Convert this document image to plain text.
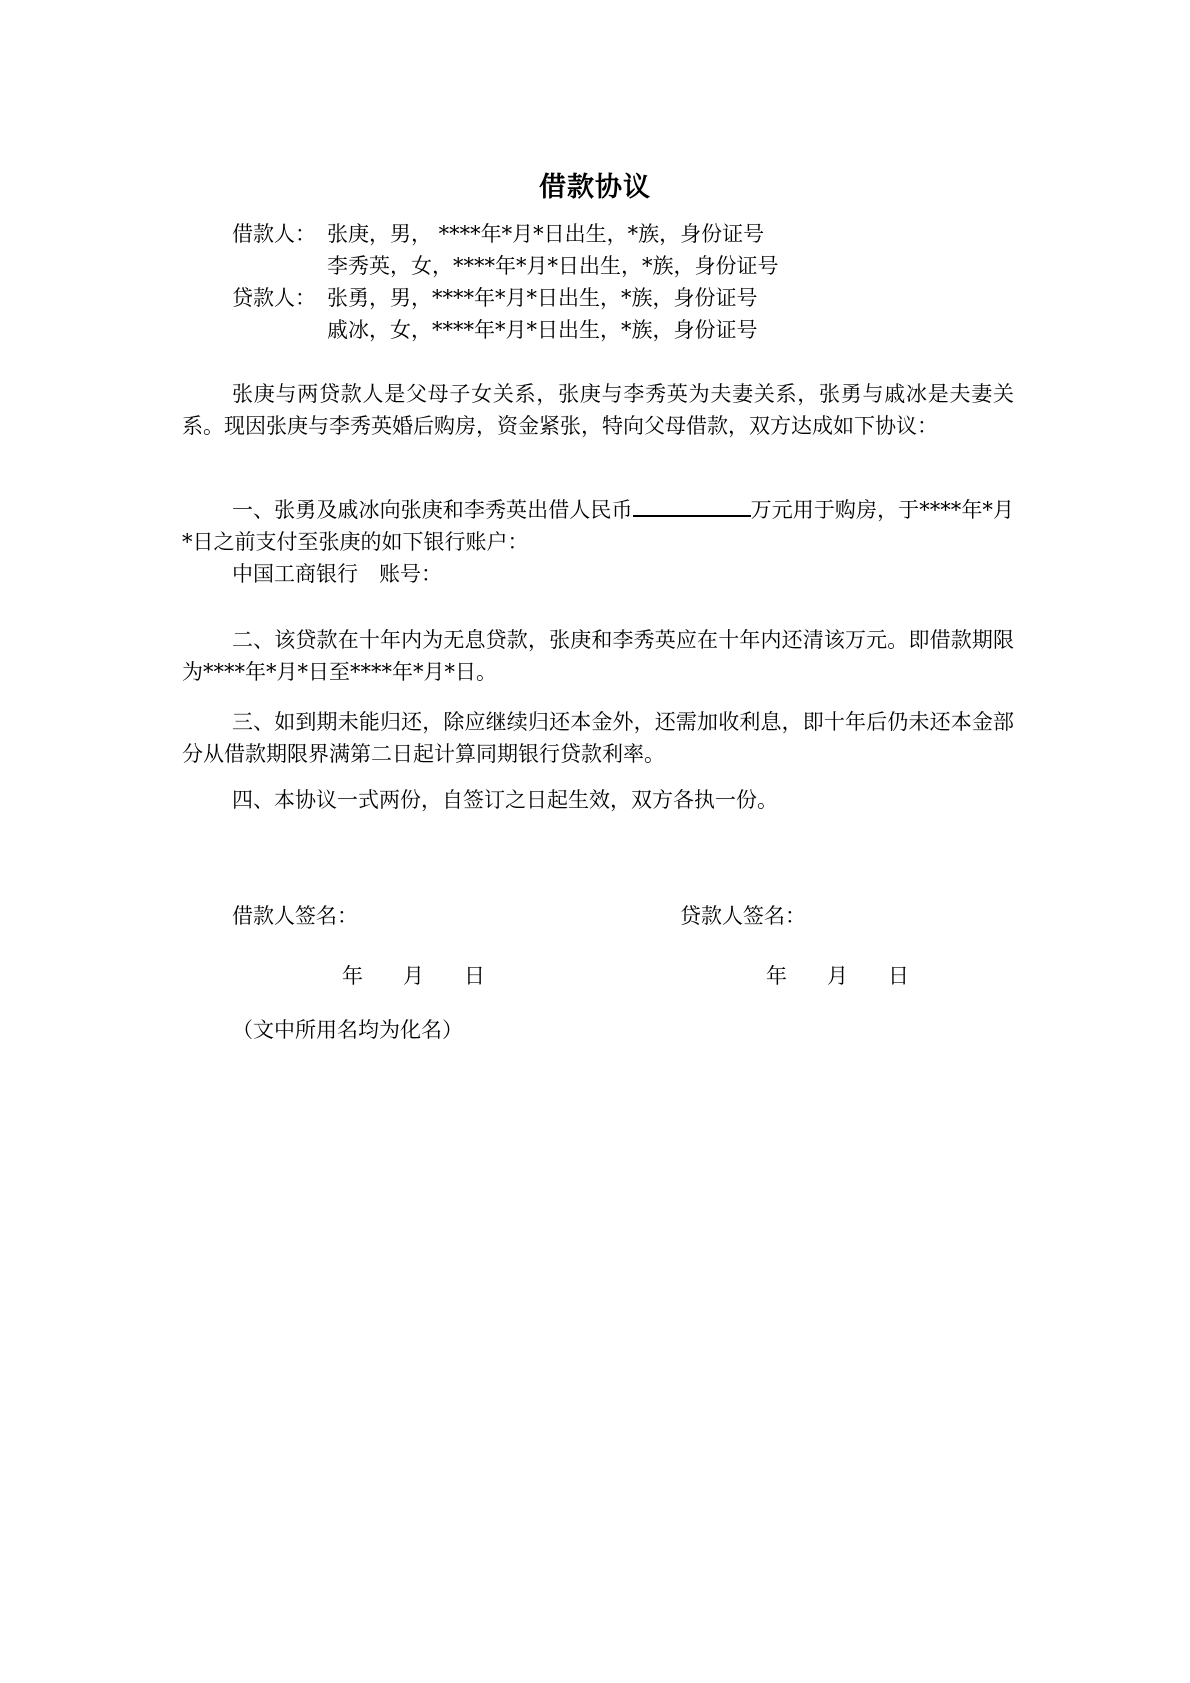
借款协议
借款人： 张庚，男， ****年*月*日出生，*族，身份证号
李秀英，女，****年*月*日出生，*族，身份证号
贷款人： 张勇，男，****年*月*日出生，*族，身份证号
戚冰，女，****年*月*日出生，*族，身份证号

张庚与两贷款人是父母子女关系，张庚与李秀英为夫妻关系，张勇与戚冰是夫妻关系。现因张庚与李秀英婚后购房，资金紧张，特向父母借款，双方达成如下协议：

一、张勇及戚冰向张庚和李秀英出借人民币	万元用于购房，于****年*月*日之前支付至张庚的如下银行账户：

中国工商银行　账号：

二、该贷款在十年内为无息贷款，张庚和李秀英应在十年内还清该万元。即借款期限为****年*月*日至****年*月*日。

三、如到期未能归还，除应继续归还本金外，还需加收利息，即十年后仍未还本金部分从借款期限界满第二日起计算同期银行贷款利率。

四、本协议一式两份，自签订之日起生效，双方各执一份。

借款人签名：	贷款人签名：
年 月 日	年 月 日
（文中所用名均为化名）
